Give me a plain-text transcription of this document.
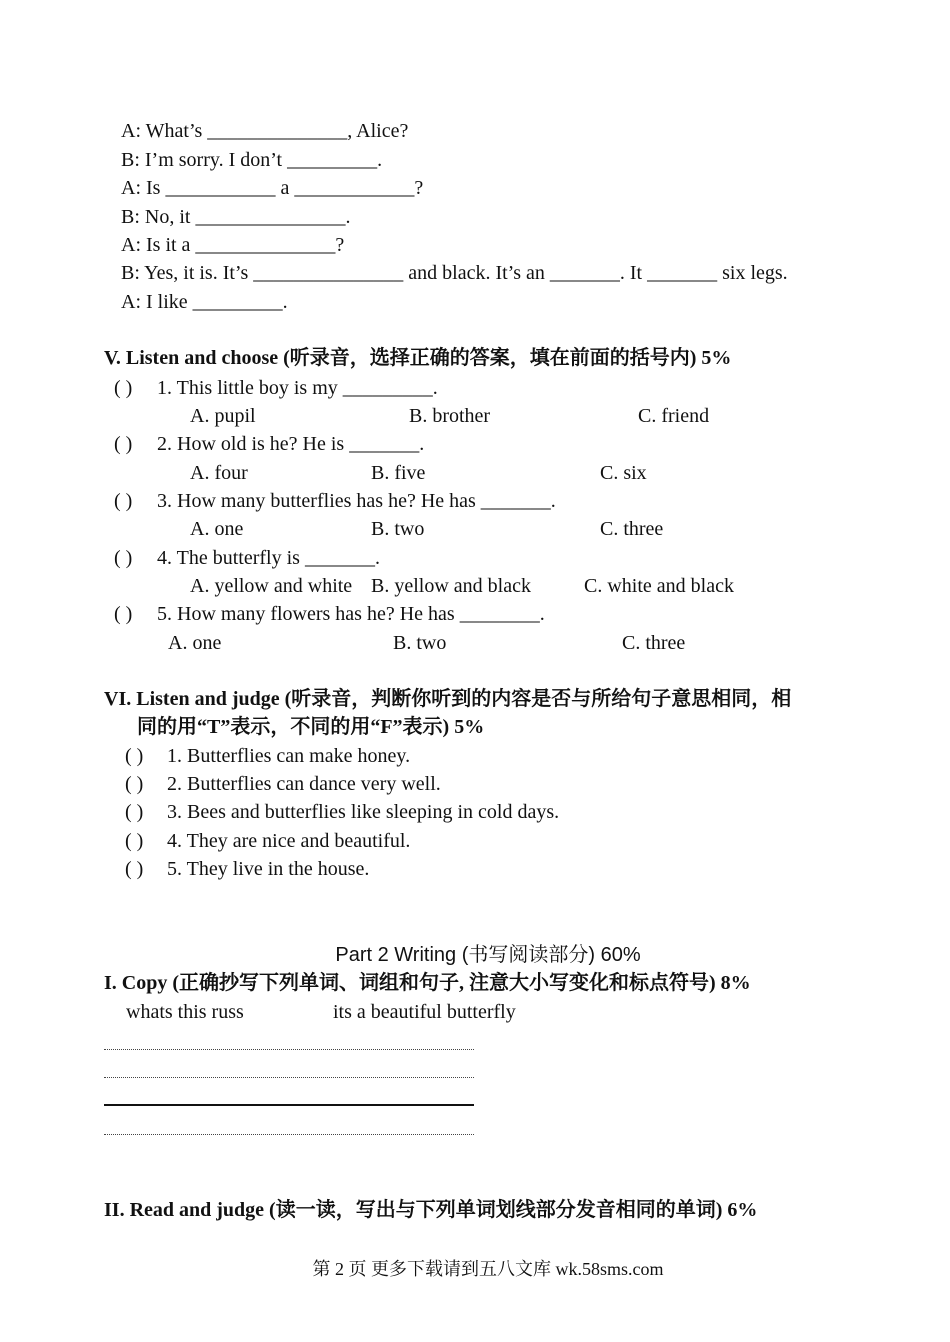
A: What’s ______________, Alice?
B: I’m sorry. I don’t _________.
A: Is ___________ a ____________?
B: No, it _______________.
A: Is it a ______________?
B: Yes, it is. It’s _______________ and black. It’s an _______. It _______ six legs.
A: I like _________.
V. Listen and choose (听录音，选择正确的答案，填在前面的括号内) 5%
( ) 1. This little boy is my _________.
A. pupil	B. brother	C. friend
( ) 2. How old is he? He is _______.
A. four	B. five	C. six
( ) 3. How many butterflies has he? He has _______.
A. one	B. two	C. three
( ) 4. The butterfly is _______.
A. yellow and white B. yellow and black	C. white and black
( ) 5. How many flowers has he? He has ________.
A. one	B. two	C. three
VI. Listen and judge (听录音，判断你听到的内容是否与所给句子意思相同，相
同的用“T”表示，不同的用“F”表示) 5%
( ) 1. Butterflies can make honey.
( ) 2. Butterflies can dance very well.
( ) 3. Bees and butterflies like sleeping in cold days.
( ) 4. They are nice and beautiful.
( ) 5. They live in the house.
Part 2 Writing (书写阅读部分) 60%
I. Copy (正确抄写下列单词、词组和句子, 注意大小写变化和标点符号) 8%
whats this russ	its a beautiful butterfly
II. Read and judge (读一读，写出与下列单词划线部分发音相同的单词) 6%
第 2 页 更多下载请到五八文库 wk.58sms.com
